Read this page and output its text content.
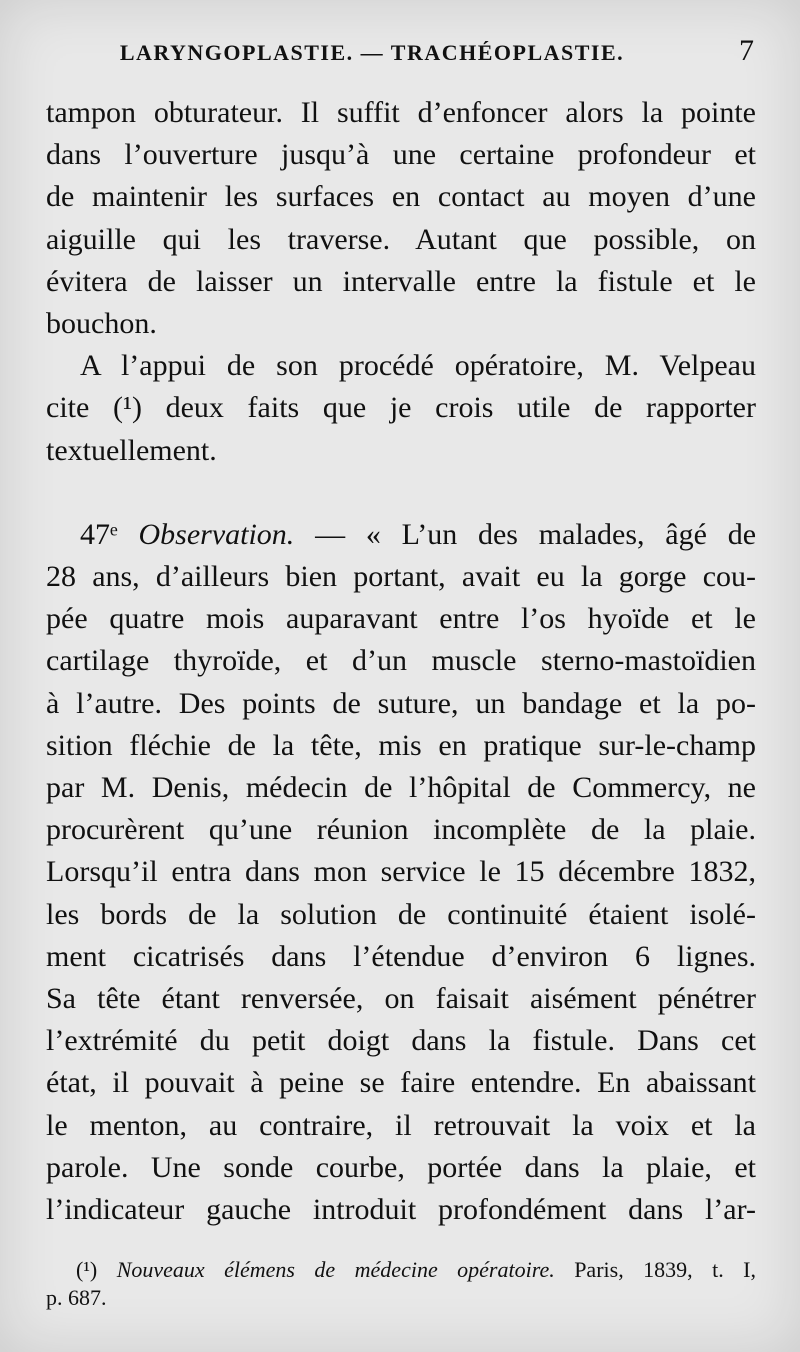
LARYNGOPLASTIE. — TRACHÉOPLASTIE.	7
tampon obturateur. Il suffit d’enfoncer alors la pointe
dans l’ouverture jusqu’à une certaine profondeur et
de maintenir les surfaces en contact au moyen d’une
aiguille qui les traverse. Autant que possible, on
évitera de laisser un intervalle entre la fistule et le
bouchon.
A l’appui de son procédé opératoire, M. Velpeau
cite (¹) deux faits que je crois utile de rapporter
textuellement.
47ᵉ Observation. — « L’un des malades, âgé de
28 ans, d’ailleurs bien portant, avait eu la gorge cou-
pée quatre mois auparavant entre l’os hyoïde et le
cartilage thyroïde, et d’un muscle sterno-mastoïdien
à l’autre. Des points de suture, un bandage et la po-
sition fléchie de la tête, mis en pratique sur-le-champ
par M. Denis, médecin de l’hôpital de Commercy, ne
procurèrent qu’une réunion incomplète de la plaie.
Lorsqu’il entra dans mon service le 15 décembre 1832,
les bords de la solution de continuité étaient isolé-
ment cicatrisés dans l’étendue d’environ 6 lignes.
Sa tête étant renversée, on faisait aisément pénétrer
l’extrémité du petit doigt dans la fistule. Dans cet
état, il pouvait à peine se faire entendre. En abaissant
le menton, au contraire, il retrouvait la voix et la
parole. Une sonde courbe, portée dans la plaie, et
l’indicateur gauche introduit profondément dans l’ar-
(¹) Nouveaux élémens de médecine opératoire. Paris, 1839, t. I,
p. 687.
